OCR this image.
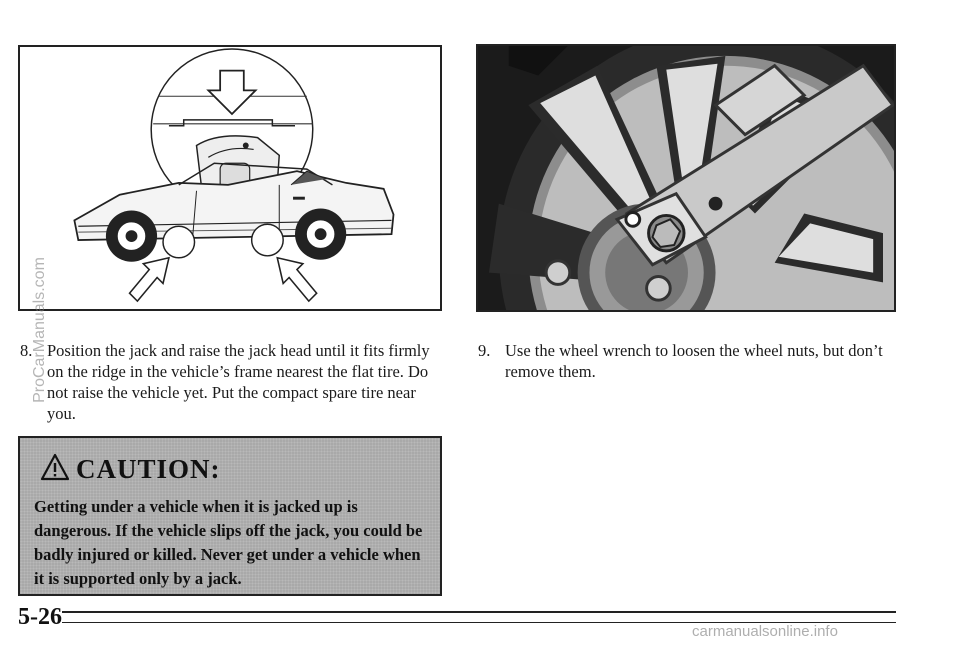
8. Position the jack and raise the jack head until it fits firmly on the ridge in the vehicle’s frame nearest the flat tire. Do not raise the vehicle yet. Put the compact spare tire near you.
9. Use the wheel wrench to loosen the wheel nuts, but don’t remove them.
CAUTION:
Getting under a vehicle when it is jacked up is dangerous. If the vehicle slips off the jack, you could be badly injured or killed. Never get under a vehicle when it is supported only by a jack.
5-26
ProCarManuals.com
carmanualsonline.info
